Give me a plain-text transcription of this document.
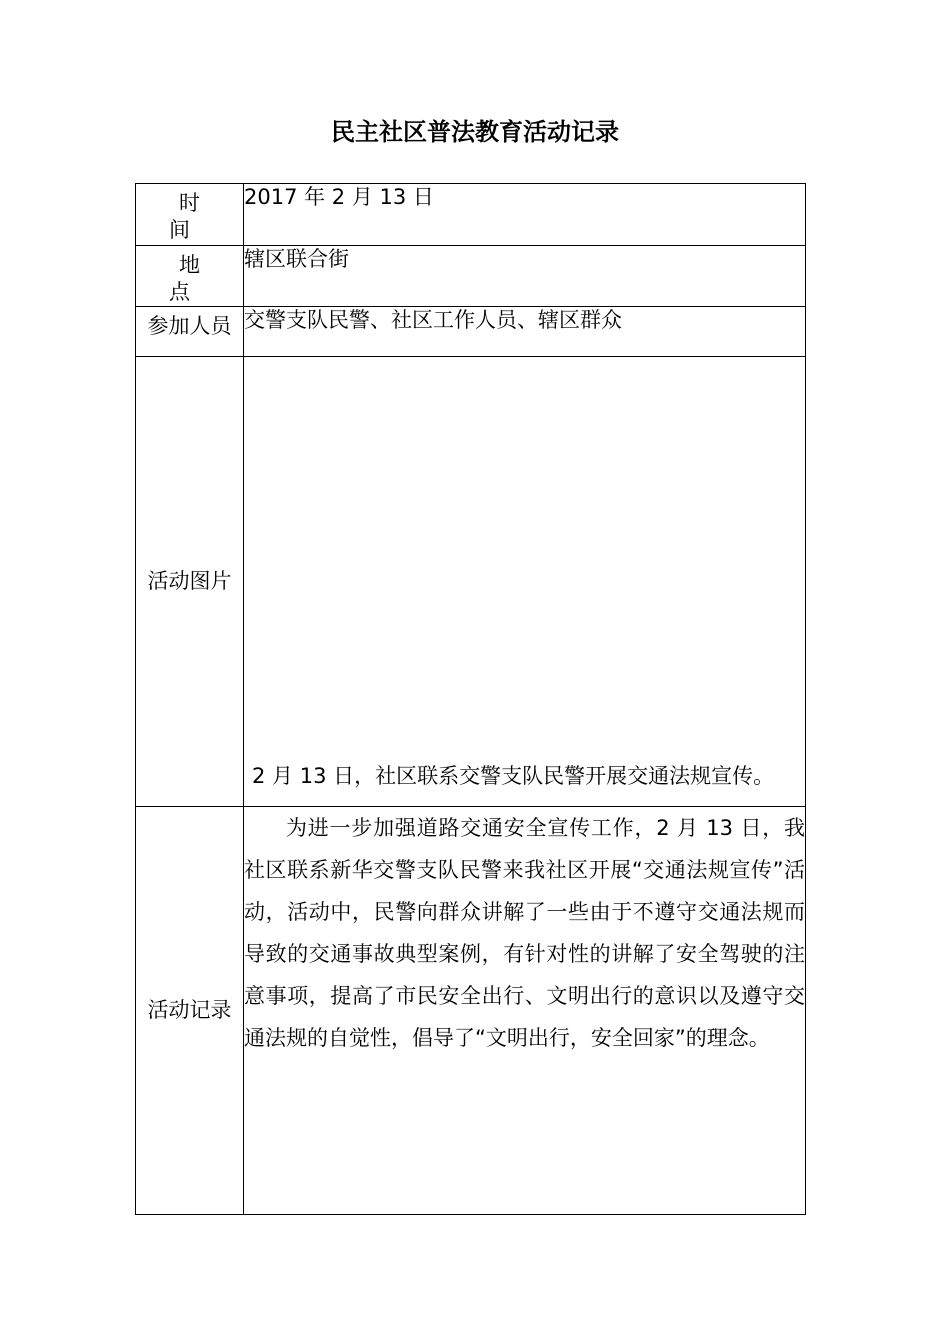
民主社区普法教育活动记录
时 间	2017 年 2 月 13 日
地 点	辖区联合街
参加人员	交警支队民警、社区工作人员、辖区群众
活动图片	2 月 13 日，社区联系交警支队民警开展交通法规宣传。

活动记录	为进一步加强道路交通安全宣传工作，2 月 13 日，我社区联系新华交警支队民警来我社区开展“交通法规宣传”活动，活动中，民警向群众讲解了一些由于不遵守交通法规而导致的交通事故典型案例，有针对性的讲解了安全驾驶的注意事项，提高了市民安全出行、文明出行的意识以及遵守交通法规的自觉性，倡导了“文明出行，安全回家”的理念。
